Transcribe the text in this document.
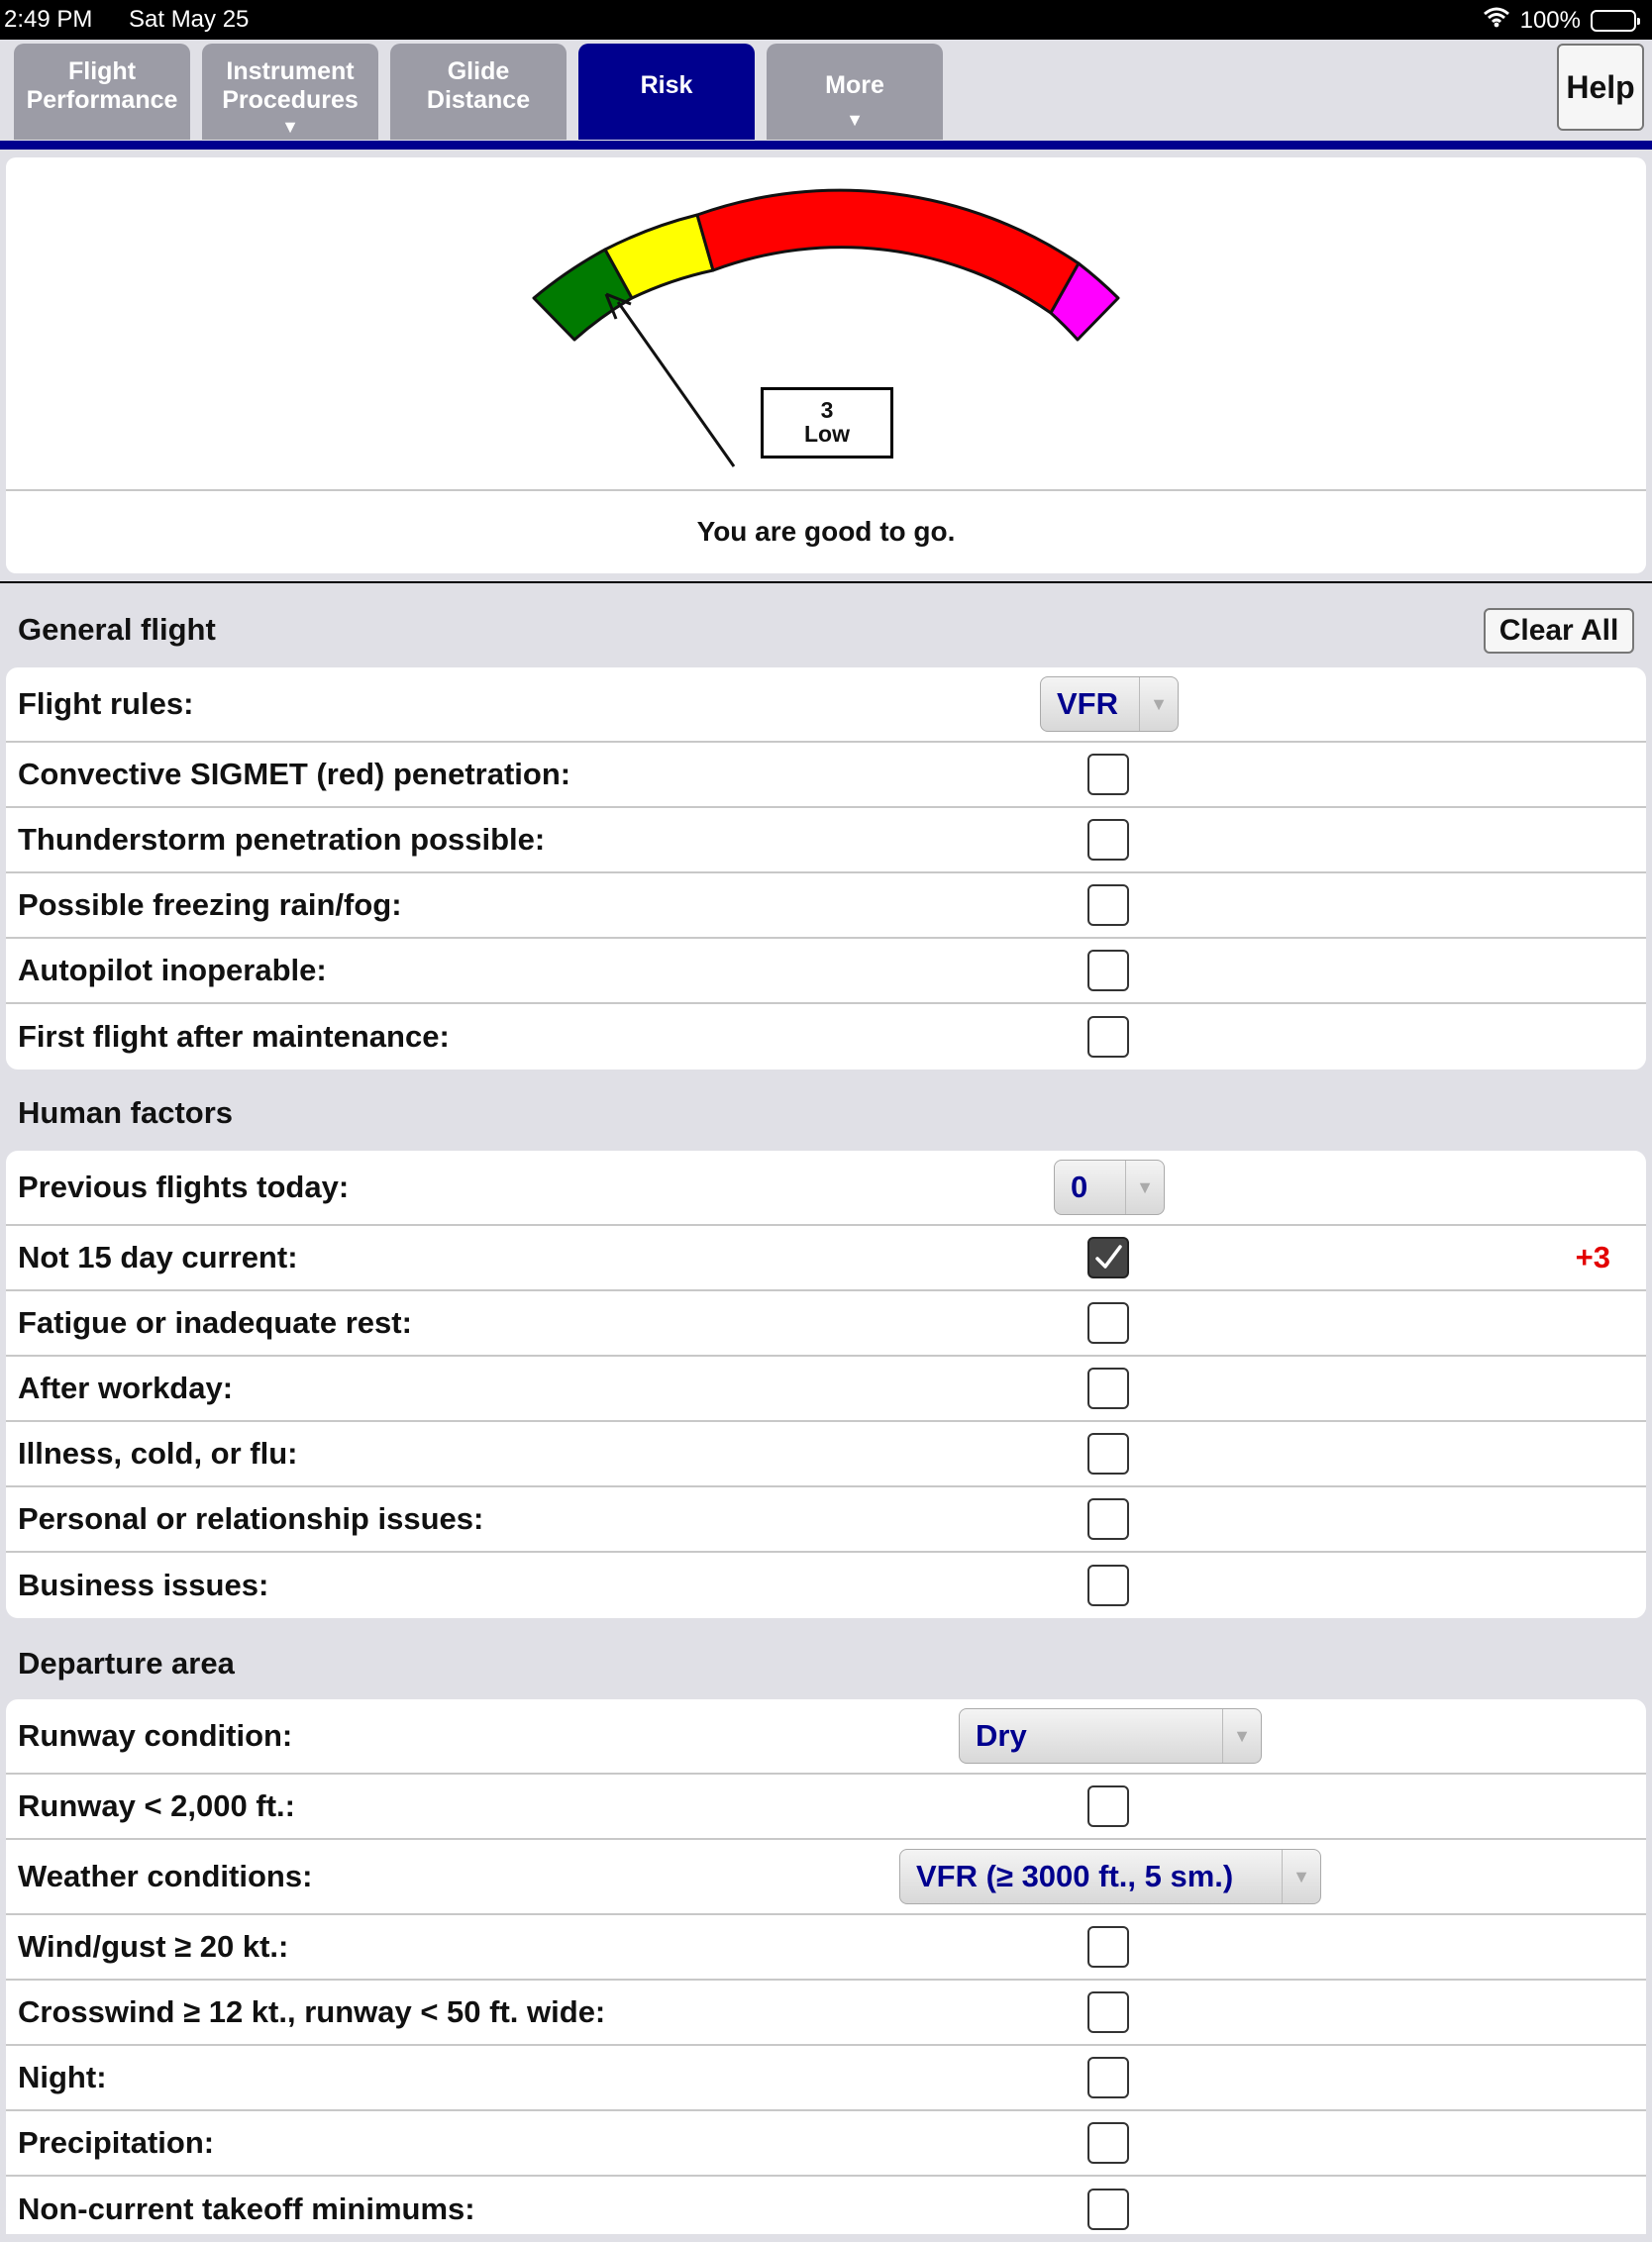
2:49 PM Sat May 25	100%
Flight
Performance
Instrument
Procedures
▼
Glide
Distance
Risk	More
▼
Help
3
Low
You are good to go.
General flight	Clear All
Flight rules:	VFR	▼
Convective SIGMET (red) penetration:
Thunderstorm penetration possible:
Possible freezing rain/fog:
Autopilot inoperable:
First flight after maintenance:
Human factors
Previous flights today:	0	▼
Not 15 day current:	+3
Fatigue or inadequate rest:
After workday:
Illness, cold, or flu:
Personal or relationship issues:
Business issues:
Departure area
Runway condition:	Dry	▼
Runway < 2,000 ft.:
Weather conditions:	VFR (≥ 3000 ft., 5 sm.)	▼
Wind/gust ≥ 20 kt.:
Crosswind ≥ 12 kt., runway < 50 ft. wide:
Night:
Precipitation:
Non-current takeoff minimums:
